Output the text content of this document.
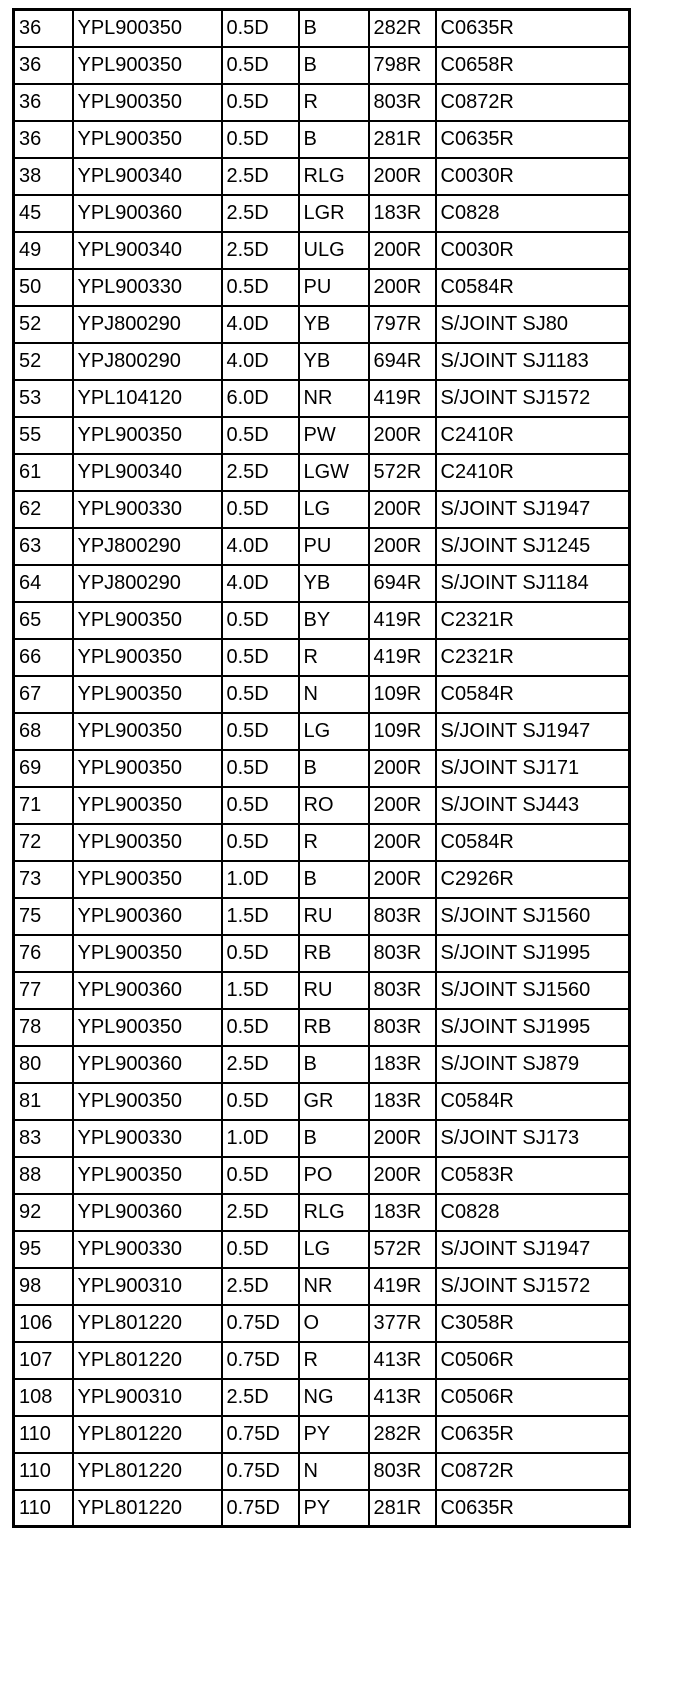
36	YPL900350	0.5D	B	282R	C0635R
36	YPL900350	0.5D	B	798R	C0658R
36	YPL900350	0.5D	R	803R	C0872R
36	YPL900350	0.5D	B	281R	C0635R
38	YPL900340	2.5D	RLG	200R	C0030R
45	YPL900360	2.5D	LGR	183R	C0828
49	YPL900340	2.5D	ULG	200R	C0030R
50	YPL900330	0.5D	PU	200R	C0584R
52	YPJ800290	4.0D	YB	797R	S/JOINT SJ80
52	YPJ800290	4.0D	YB	694R	S/JOINT SJ1183
53	YPL104120	6.0D	NR	419R	S/JOINT SJ1572
55	YPL900350	0.5D	PW	200R	C2410R
61	YPL900340	2.5D	LGW	572R	C2410R
62	YPL900330	0.5D	LG	200R	S/JOINT SJ1947
63	YPJ800290	4.0D	PU	200R	S/JOINT SJ1245
64	YPJ800290	4.0D	YB	694R	S/JOINT SJ1184
65	YPL900350	0.5D	BY	419R	C2321R
66	YPL900350	0.5D	R	419R	C2321R
67	YPL900350	0.5D	N	109R	C0584R
68	YPL900350	0.5D	LG	109R	S/JOINT SJ1947
69	YPL900350	0.5D	B	200R	S/JOINT SJ171
71	YPL900350	0.5D	RO	200R	S/JOINT SJ443
72	YPL900350	0.5D	R	200R	C0584R
73	YPL900350	1.0D	B	200R	C2926R
75	YPL900360	1.5D	RU	803R	S/JOINT SJ1560
76	YPL900350	0.5D	RB	803R	S/JOINT SJ1995
77	YPL900360	1.5D	RU	803R	S/JOINT SJ1560
78	YPL900350	0.5D	RB	803R	S/JOINT SJ1995
80	YPL900360	2.5D	B	183R	S/JOINT SJ879
81	YPL900350	0.5D	GR	183R	C0584R
83	YPL900330	1.0D	B	200R	S/JOINT SJ173
88	YPL900350	0.5D	PO	200R	C0583R
92	YPL900360	2.5D	RLG	183R	C0828
95	YPL900330	0.5D	LG	572R	S/JOINT SJ1947
98	YPL900310	2.5D	NR	419R	S/JOINT SJ1572
106	YPL801220	0.75D	O	377R	C3058R
107	YPL801220	0.75D	R	413R	C0506R
108	YPL900310	2.5D	NG	413R	C0506R
110	YPL801220	0.75D	PY	282R	C0635R
110	YPL801220	0.75D	N	803R	C0872R
110	YPL801220	0.75D	PY	281R	C0635R
